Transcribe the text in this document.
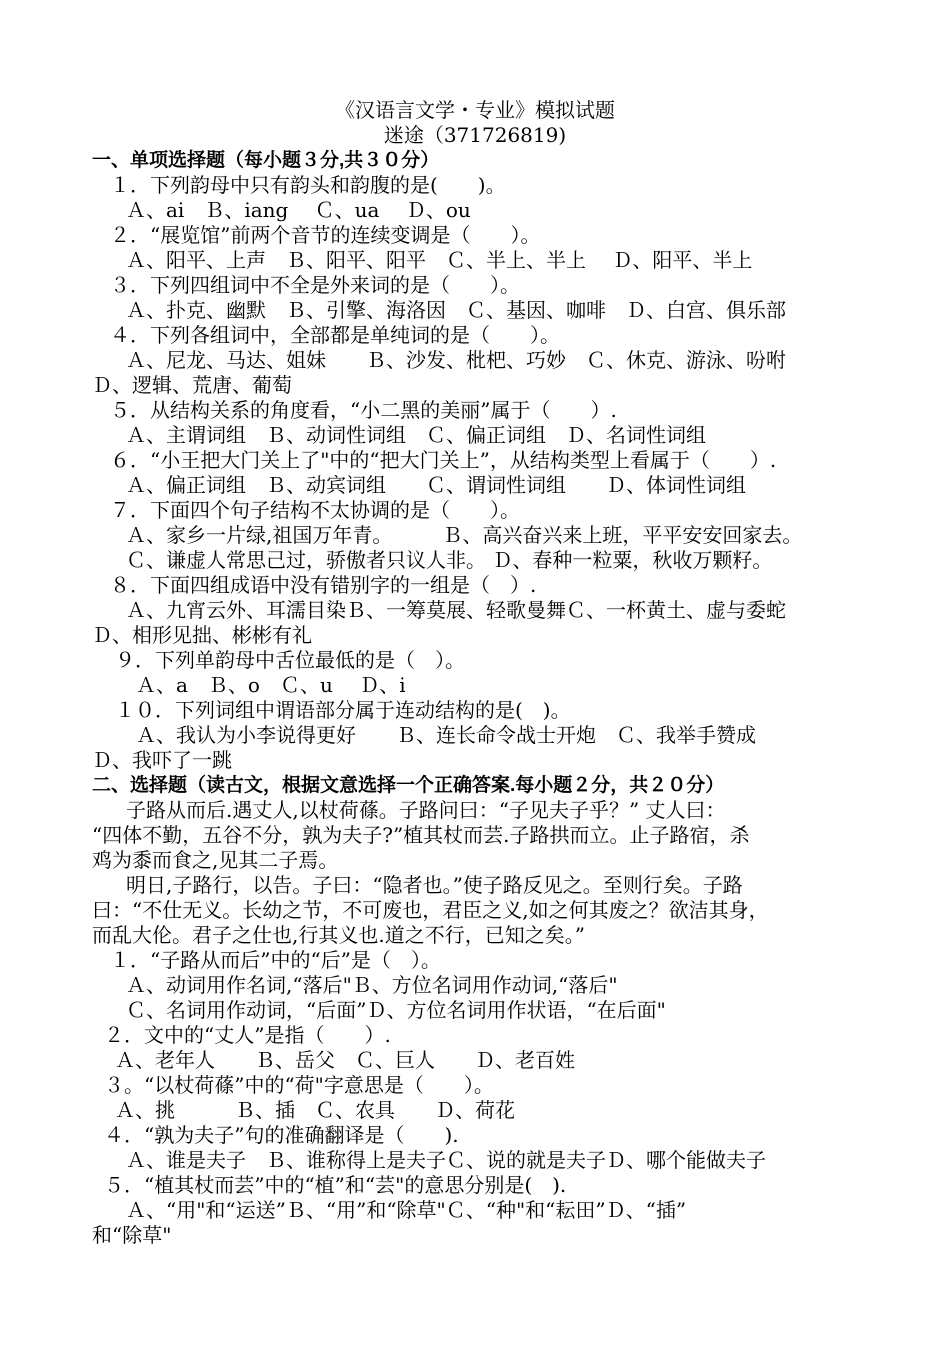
《汉语言文学・专业》模拟试题
迷途（371726819)
一、单项选择题（每小题３分,共３０分）
１．下列韵母中只有韵头和韵腹的是(　　)。
Ａ、ai　Ｂ、iang　 Ｃ、ua　 Ｄ、ou
２．“展览馆”前两个音节的连续变调是（　　）。
Ａ、阳平、上声　Ｂ、阳平、阳平　Ｃ、半上、半上　 Ｄ、阳平、半上
３．下列四组词中不全是外来词的是（　　）。
Ａ、扑克、幽默　Ｂ、引擎、海洛因　Ｃ、基因、咖啡　Ｄ、白宫、俱乐部
４．下列各组词中，全部都是单纯词的是（　　）。
Ａ、尼龙、马达、姐妹　　Ｂ、沙发、枇杷、巧妙　Ｃ、休克、游泳、吩咐
Ｄ、逻辑、荒唐、葡萄
５．从结构关系的角度看，“小二黑的美丽”属于（　　）.
Ａ、主谓词组　Ｂ、动词性词组　Ｃ、偏正词组　Ｄ、名词性词组
６．“小王把大门关上了"中的“把大门关上”，从结构类型上看属于（　　）.
Ａ、偏正词组　Ｂ、动宾词组　　Ｃ、谓词性词组　　Ｄ、体词性词组
７．下面四个句子结构不太协调的是（　　）。
Ａ、家乡一片绿,祖国万年青。　　　Ｂ、高兴奋兴来上班，平平安安回家去。
Ｃ、谦虚人常思己过，骄傲者只议人非。 Ｄ、春种一粒粟，秋收万颗籽。
８．下面四组成语中没有错别字的一组是（　）.
Ａ、九宵云外、耳濡目染Ｂ、一筹莫展、轻歌曼舞Ｃ、一杯黄土、虚与委蛇
Ｄ、相形见拙、彬彬有礼
９．下列单韵母中舌位最低的是（　）。
Ａ、a　Ｂ、o　Ｃ、u　 Ｄ、i
１０．下列词组中谓语部分属于连动结构的是(　)。
Ａ、我认为小李说得更好　　Ｂ、连长命令战士开炮　Ｃ、我举手赞成
Ｄ、我吓了一跳
二、选择题（读古文，根据文意选择一个正确答案.每小题２分，共２０分）
子路从而后.遇丈人,以杖荷蓧。子路问曰：“子见夫子乎？” 丈人曰：
“四体不勤，五谷不分，孰为夫子?”植其杖而芸.子路拱而立。止子路宿，杀
鸡为黍而食之,见其二子焉。
明日,子路行，以告。子曰：“隐者也。”使子路反见之。至则行矣。子路
曰：“不仕无义。长幼之节，不可废也，君臣之义,如之何其废之？欲洁其身，
而乱大伦。君子之仕也,行其义也.道之不行，已知之矣。”
１．“子路从而后”中的“后”是（　）。
Ａ、动词用作名词,“落后"Ｂ、方位名词用作动词,“落后"
Ｃ、名词用作动词，“后面”Ｄ、方位名词用作状语，“在后面"
２．文中的“丈人”是指（　　）.
Ａ、老年人　　Ｂ、岳父　Ｃ、巨人　　Ｄ、老百姓
３。“以杖荷蓧”中的“荷"字意思是（　　）。
Ａ、挑　　　Ｂ、插　Ｃ、农具　　Ｄ、荷花
４．“孰为夫子”句的准确翻译是（　　).
Ａ、谁是夫子　Ｂ、谁称得上是夫子Ｃ、说的就是夫子Ｄ、哪个能做夫子
５．“植其杖而芸”中的“植”和“芸"的意思分别是(　).
Ａ、“用"和“运送”Ｂ、“用”和“除草"Ｃ、“种"和“耘田”Ｄ、“插”
和“除草"
